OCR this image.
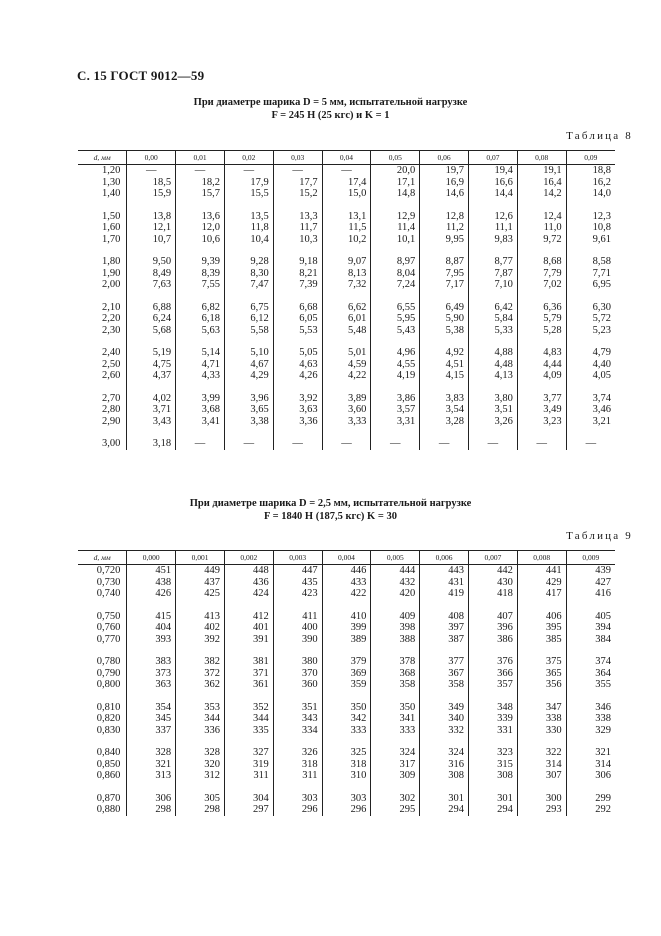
С. 15 ГОСТ 9012—59
При диаметре шарика D = 5 мм, испытательной нагрузке
F = 245 Н (25 кгс) и K = 1
Таблица 8
d, мм	0,00	0,01	0,02	0,03	0,04	0,05	0,06	0,07	0,08	0,09
1,20	—	—	—	—	—	20,0	19,7	19,4	19,1	18,8
1,30	18,5	18,2	17,9	17,7	17,4	17,1	16,9	16,6	16,4	16,2
1,40	15,9	15,7	15,5	15,2	15,0	14,8	14,6	14,4	14,2	14,0

1,50	13,8	13,6	13,5	13,3	13,1	12,9	12,8	12,6	12,4	12,3
1,60	12,1	12,0	11,8	11,7	11,5	11,4	11,2	11,1	11,0	10,8
1,70	10,7	10,6	10,4	10,3	10,2	10,1	9,95	9,83	9,72	9,61

1,80	9,50	9,39	9,28	9,18	9,07	8,97	8,87	8,77	8,68	8,58
1,90	8,49	8,39	8,30	8,21	8,13	8,04	7,95	7,87	7,79	7,71
2,00	7,63	7,55	7,47	7,39	7,32	7,24	7,17	7,10	7,02	6,95

2,10	6,88	6,82	6,75	6,68	6,62	6,55	6,49	6,42	6,36	6,30
2,20	6,24	6,18	6,12	6,05	6,01	5,95	5,90	5,84	5,79	5,72
2,30	5,68	5,63	5,58	5,53	5,48	5,43	5,38	5,33	5,28	5,23

2,40	5,19	5,14	5,10	5,05	5,01	4,96	4,92	4,88	4,83	4,79
2,50	4,75	4,71	4,67	4,63	4,59	4,55	4,51	4,48	4,44	4,40
2,60	4,37	4,33	4,29	4,26	4,22	4,19	4,15	4,13	4,09	4,05

2,70	4,02	3,99	3,96	3,92	3,89	3,86	3,83	3,80	3,77	3,74
2,80	3,71	3,68	3,65	3,63	3,60	3,57	3,54	3,51	3,49	3,46
2,90	3,43	3,41	3,38	3,36	3,33	3,31	3,28	3,26	3,23	3,21

3,00	3,18	—	—	—	—	—	—	—	—	—
При диаметре шарика D = 2,5 мм, испытательной нагрузке
F = 1840 Н (187,5 кгс) K = 30
Таблица 9
d, мм	0,000	0,001	0,002	0,003	0,004	0,005	0,006	0,007	0,008	0,009
0,720	451	449	448	447	446	444	443	442	441	439
0,730	438	437	436	435	433	432	431	430	429	427
0,740	426	425	424	423	422	420	419	418	417	416

0,750	415	413	412	411	410	409	408	407	406	405
0,760	404	402	401	400	399	398	397	396	395	394
0,770	393	392	391	390	389	388	387	386	385	384

0,780	383	382	381	380	379	378	377	376	375	374
0,790	373	372	371	370	369	368	367	366	365	364
0,800	363	362	361	360	359	358	358	357	356	355

0,810	354	353	352	351	350	350	349	348	347	346
0,820	345	344	344	343	342	341	340	339	338	338
0,830	337	336	335	334	333	333	332	331	330	329

0,840	328	328	327	326	325	324	324	323	322	321
0,850	321	320	319	318	318	317	316	315	314	314
0,860	313	312	311	311	310	309	308	308	307	306

0,870	306	305	304	303	303	302	301	301	300	299
0,880	298	298	297	296	296	295	294	294	293	292
